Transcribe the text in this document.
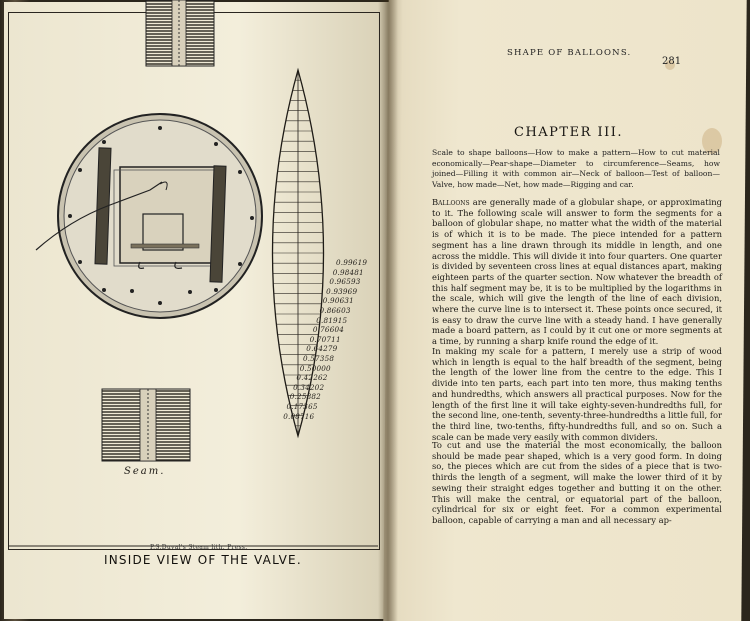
0.99619
0.98481
0.96593
0.93969
0.90631
0.86603
0.81915
0.76604
0.70711
0.64279
0.57358
0.50000
0.42262
0.34202
0.25882
0.17365
0.08716
Seam.
P.S.Duval's Steam lith. Press.
INSIDE VIEW OF THE VALVE.
SHAPE OF BALLOONS.
281
CHAPTER III.
Scale to shape balloons—How to make a pattern—How to cut material economically—Pear-shape—Diameter to circumference—Seams, how joined—Filling it with common air—Neck of balloon—Test of balloon—Valve, how made—Net, how made—Rigging and car.
Balloons are generally made of a globular shape, or approximating to it. The following scale will answer to form the segments for a balloon of globular shape, no matter what the width of the material is of which it is to be made. The piece intended for a pattern segment has a line drawn through its middle in length, and one across the middle. This will divide it into four quarters. One quarter is divided by seventeen cross lines at equal distances apart, making eighteen parts of the quarter section. Now whatever the breadth of this half segment may be, it is to be multiplied by the logarithms in the scale, which will give the length of the line of each division, where the curve line is to intersect it. These points once secured, it is easy to draw the curve line with a steady hand. I have generally made a board pattern, as I could by it cut one or more segments at a time, by running a sharp knife round the edge of it.
In making my scale for a pattern, I merely use a strip of wood which in length is equal to the half breadth of the segment, being the length of the lower line from the centre to the edge. This I divide into ten parts, each part into ten more, thus making tenths and hundredths, which answers all practical purposes. Now for the length of the first line it will take eighty-seven-hundredths full, for the second line, one-tenth, seventy-three-hundredths a little full, for the third line, two-tenths, fifty-hundredths full, and so on. Such a scale can be made very easily with common dividers.
To cut and use the material the most economically, the balloon should be made pear shaped, which is a very good form. In doing so, the pieces which are cut from the sides of a piece that is two-thirds the length of a segment, will make the lower third of it by sewing their straight edges together and butting it on the other. This will make the central, or equatorial part of the balloon, cylindrical for six or eight feet. For a common experimental balloon, capable of carrying a man and all necessary ap-
